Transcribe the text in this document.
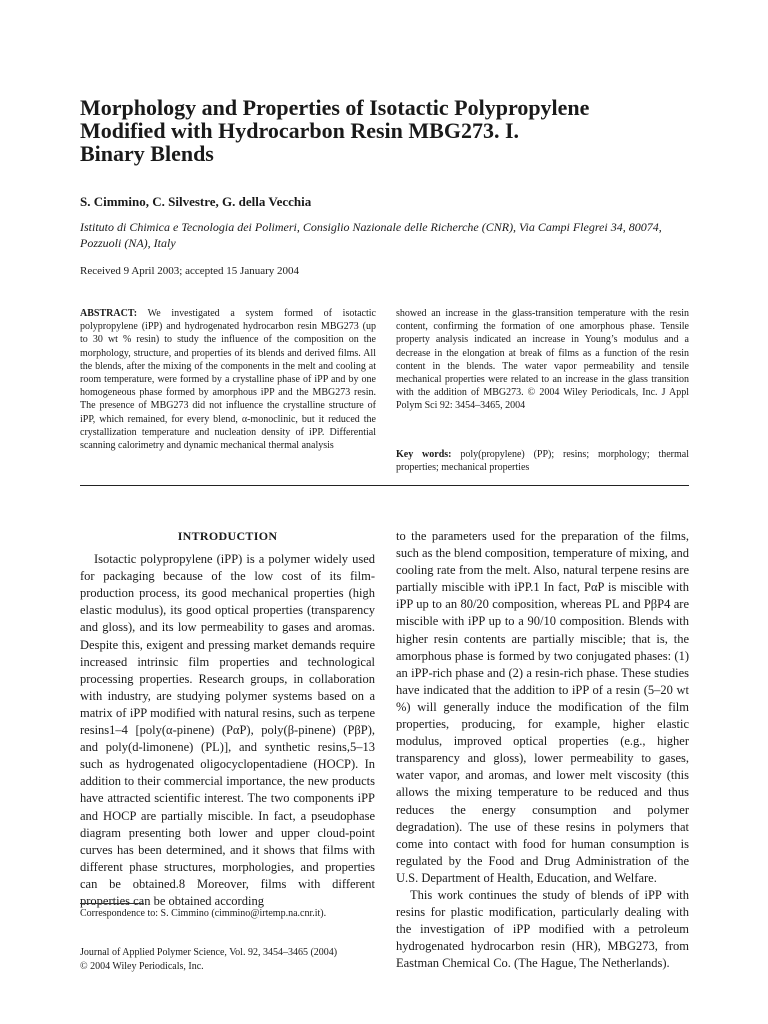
Morphology and Properties of Isotactic Polypropylene
Modified with Hydrocarbon Resin MBG273. I.
Binary Blends

S. Cimmino, C. Silvestre, G. della Vecchia

Istituto di Chimica e Tecnologia dei Polimeri, Consiglio Nazionale delle Richerche (CNR), Via Campi Flegrei 34, 80074, Pozzuoli (NA), Italy

Received 9 April 2003; accepted 15 January 2004

ABSTRACT: We investigated a system formed of isotactic polypropylene (iPP) and hydrogenated hydrocarbon resin MBG273 (up to 30 wt % resin) to study the influence of the composition on the morphology, structure, and properties of its blends and derived films. All the blends, after the mixing of the components in the melt and cooling at room temperature, were formed by a crystalline phase of iPP and by one homogeneous phase formed by amorphous iPP and the MBG273 resin. The presence of MBG273 did not influence the crystalline structure of iPP, which remained, for every blend, α-monoclinic, but it reduced the crystallization temperature and nucleation density of iPP. Differential scanning calorimetry and dynamic mechanical thermal analysis

showed an increase in the glass-transition temperature with the resin content, confirming the formation of one amorphous phase. Tensile property analysis indicated an increase in Young’s modulus and a decrease in the elongation at break of films as a function of the resin content in the blends. The water vapor permeability and tensile mechanical properties were related to an increase in the glass transition with the addition of MBG273. © 2004 Wiley Periodicals, Inc. J Appl Polym Sci 92: 3454–3465, 2004

Key words: poly(propylene) (PP); resins; morphology; thermal properties; mechanical properties

INTRODUCTION

Isotactic polypropylene (iPP) is a polymer widely used for packaging because of the low cost of its film-production process, its good mechanical properties (high elastic modulus), its good optical properties (transparency and gloss), and its low permeability to gases and aromas. Despite this, exigent and pressing market demands require increased intrinsic film properties and technological processing properties. Research groups, in collaboration with industry, are studying polymer systems based on a matrix of iPP modified with natural resins, such as terpene resins1–4 [poly(α-pinene) (PαP), poly(β-pinene) (PβP), and poly(d-limonene) (PL)], and synthetic resins,5–13 such as hydrogenated oligocyclopentadiene (HOCP). In addition to their commercial importance, the new products have attracted scientific interest. The two components iPP and HOCP are partially miscible. In fact, a pseudophase diagram presenting both lower and upper cloud-point curves has been determined, and it shows that films with different phase structures, morphologies, and properties can be obtained.8 Moreover, films with different properties can be obtained according

to the parameters used for the preparation of the films, such as the blend composition, temperature of mixing, and cooling rate from the melt. Also, natural terpene resins are partially miscible with iPP.1 In fact, PαP is miscible with iPP up to an 80/20 composition, whereas PL and PβP4 are miscible with iPP up to a 90/10 composition. Blends with higher resin contents are partially miscible; that is, the amorphous phase is formed by two conjugated phases: (1) an iPP-rich phase and (2) a resin-rich phase. These studies have indicated that the addition to iPP of a resin (5–20 wt %) will generally induce the modification of the film properties, producing, for example, higher elastic modulus, improved optical properties (e.g., higher transparency and gloss), lower permeability to gases, water vapor, and aromas, and lower melt viscosity (this allows the mixing temperature to be reduced and thus reduces the energy consumption and polymer degradation). The use of these resins in polymers that come into contact with food for human consumption is regulated by the Food and Drug Administration of the U.S. Department of Health, Education, and Welfare.

This work continues the study of blends of iPP with resins for plastic modification, particularly dealing with the investigation of iPP modified with a petroleum hydrogenated hydrocarbon resin (HR), MBG273, from Eastman Chemical Co. (The Hague, The Netherlands).

Correspondence to: S. Cimmino (cimmino@irtemp.na.cnr.it).

Journal of Applied Polymer Science, Vol. 92, 3454–3465 (2004)
© 2004 Wiley Periodicals, Inc.
